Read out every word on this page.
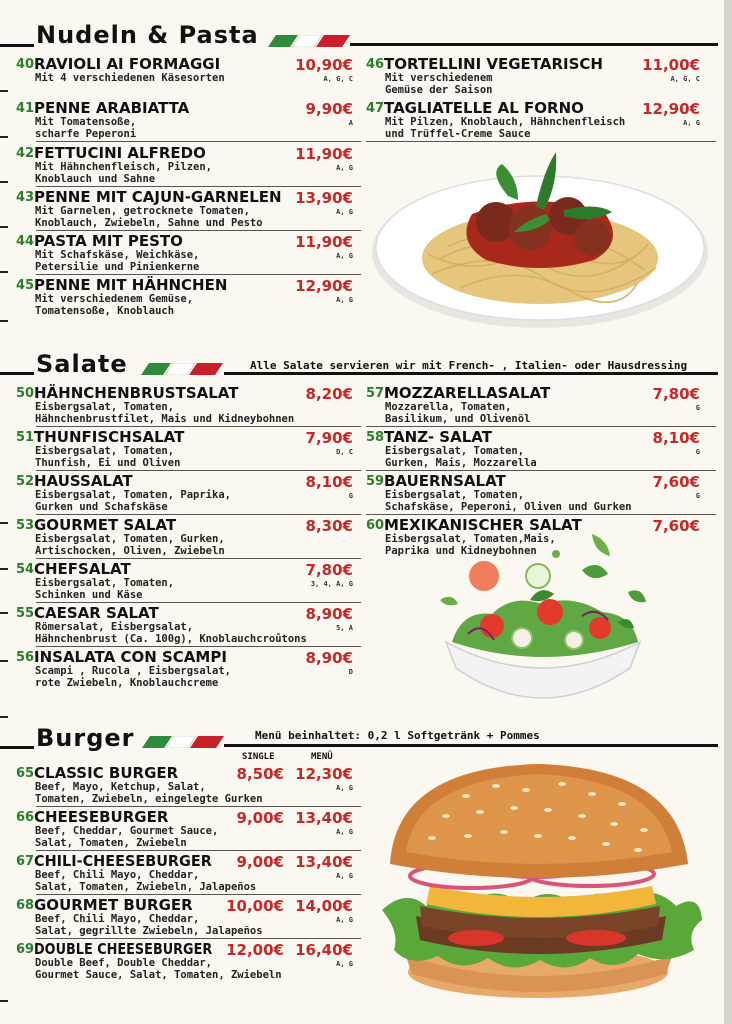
Nudeln & Pasta
Salate	Alle Salate servieren wir mit French- , Italien- oder Hausdressing
Burger	Menü beinhaltet: 0,2 l Softgetränk + Pommes
SINGLE	MENÜ
40 RAVIOLI AI FORMAGGI
Mit 4 verschiedenen Käsesorten
10,90€
A, G, C
41 PENNE ARABIATTA
Mit Tomatensoße,
scharfe Peperoni
9,90€
A
42 FETTUCINI ALFREDO
Mit Hähnchenfleisch, Pilzen,
Knoblauch und Sahne
11,90€
A, G
43 PENNE MIT CAJUN-GARNELEN
Mit Garnelen, getrocknete Tomaten,
Knoblauch, Zwiebeln, Sahne und Pesto
13,90€
A, G
44 PASTA MIT PESTO
Mit Schafskäse, Weichkäse,
Petersilie und Pinienkerne
11,90€
A, G
45 PENNE MIT HÄHNCHEN
Mit verschiedenem Gemüse,
Tomatensoße, Knoblauch
12,90€
A, G
46 TORTELLINI VEGETARISCH
Mit verschiedenem
Gemüse der Saison
11,00€
A, G, C
47 TAGLIATELLE AL FORNO
Mit Pilzen, Knoblauch, Hähnchenfleisch
und Trüffel-Creme Sauce
12,90€
A, G
50 HÄHNCHENBRUSTSALAT
Eisbergsalat, Tomaten,
Hähnchenbrustfilet, Mais und Kidneybohnen
8,20€
51 THUNFISCHSALAT
Eisbergsalat, Tomaten,
Thunfish, Ei und Oliven
7,90€
D, C
52 HAUSSALAT
Eisbergsalat, Tomaten, Paprika,
Gurken und Schafskäse
8,10€
G
53 GOURMET SALAT
Eisbergsalat, Tomaten, Gurken,
Artischocken, Oliven, Zwiebeln
8,30€
54 CHEFSALAT
Eisbergsalat, Tomaten,
Schinken und Käse
7,80€
3, 4, A, G
55 CAESAR SALAT
Römersalat, Eisbergsalat,
Hähnchenbrust (Ca. 100g), Knoblauchcroûtons
8,90€
5, A
56 INSALATA CON SCAMPI
Scampi , Rucola , Eisbergsalat,
rote Zwiebeln, Knoblauchcreme
8,90€
D
57 MOZZARELLASALAT
Mozzarella, Tomaten,
Basilikum, und Olivenöl
7,80€
G
58 TANZ- SALAT
Eisbergsalat, Tomaten,
Gurken, Mais, Mozzarella
8,10€
G
59 BAUERNSALAT
Eisbergsalat, Tomaten,
Schafskäse, Peperoni, Oliven und Gurken
7,60€
G
60 MEXIKANISCHER SALAT
Eisbergsalat, Tomaten,Mais,
Paprika und Kidneybohnen
7,60€
65 CLASSIC BURGER
Beef, Mayo, Ketchup, Salat,
Tomaten, Zwiebeln, eingelegte Gurken
8,50€ 12,30€
A, G
66 CHEESEBURGER
Beef, Cheddar, Gourmet Sauce,
Salat, Tomaten, Zwiebeln
9,00€ 13,40€
A, G
67 CHILI-CHEESEBURGER
Beef, Chili Mayo, Cheddar,
Salat, Tomaten, Zwiebeln, Jalapeños
9,00€ 13,40€
A, G
68 GOURMET BURGER
Beef, Chili Mayo, Cheddar,
Salat, gegrillte Zwiebeln, Jalapeños
10,00€ 14,00€
A, G
69 DOUBLE CHEESEBURGER
Double Beef, Double Cheddar,
Gourmet Sauce, Salat, Tomaten, Zwiebeln
12,00€ 16,40€
A, G
